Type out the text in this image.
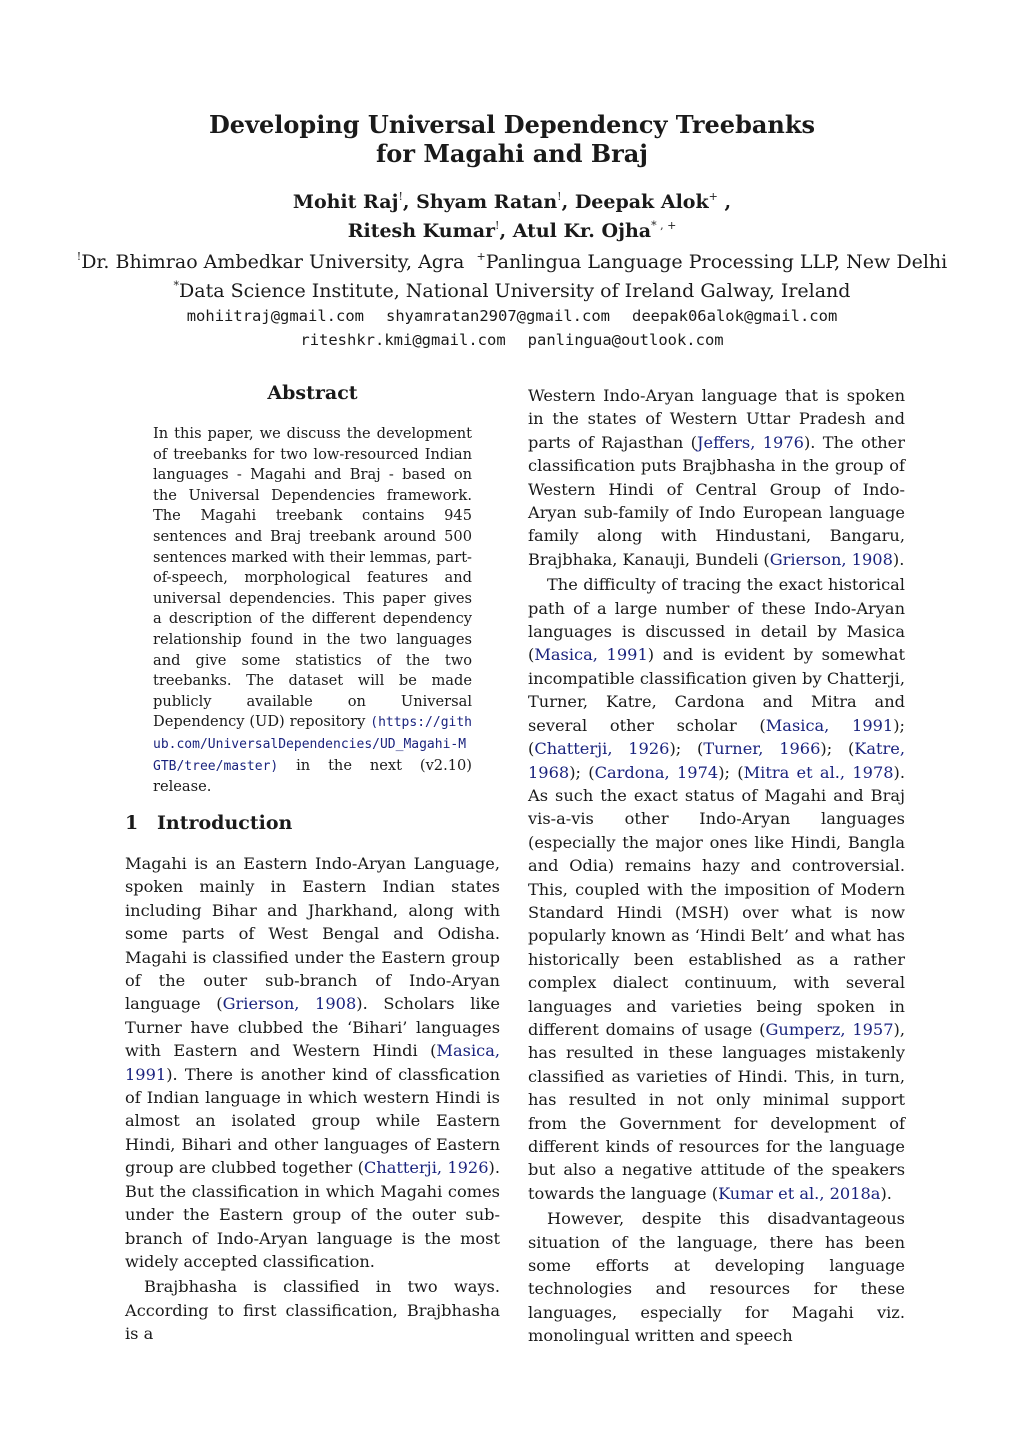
Developing Universal Dependency Treebanks
for Magahi and Braj
Mohit Raj!, Shyam Ratan!, Deepak Alok+ ,
Ritesh Kumar!, Atul Kr. Ojha* , +
!Dr. Bhimrao Ambedkar University, Agra +Panlingua Language Processing LLP, New Delhi
*Data Science Institute, National University of Ireland Galway, Ireland
mohiitraj@gmail.com shyamratan2907@gmail.com deepak06alok@gmail.com
riteshkr.kmi@gmail.com panlingua@outlook.com
Abstract
In this paper, we discuss the development of treebanks for two low-resourced Indian languages - Magahi and Braj - based on the Universal Dependencies framework. The Magahi treebank contains 945 sentences and Braj treebank around 500 sentences marked with their lemmas, part-of-speech, morphological features and universal dependencies. This paper gives a description of the different dependency relationship found in the two languages and give some statistics of the two treebanks. The dataset will be made publicly available on Universal Dependency (UD) repository (https://github.com/UniversalDependencies/UD_Magahi-MGTB/tree/master) in the next (v2.10) release.
1 Introduction

Magahi is an Eastern Indo-Aryan Language, spoken mainly in Eastern Indian states including Bihar and Jharkhand, along with some parts of West Bengal and Odisha. Magahi is classified under the Eastern group of the outer sub-branch of Indo-Aryan language (Grierson, 1908). Scholars like Turner have clubbed the ‘Bihari’ languages with Eastern and Western Hindi (Masica, 1991). There is another kind of classfication of Indian language in which western Hindi is almost an isolated group while Eastern Hindi, Bihari and other languages of Eastern group are clubbed together (Chatterji, 1926). But the classification in which Magahi comes under the Eastern group of the outer sub-branch of Indo-Aryan language is the most widely accepted classification.

Brajbhasha is classified in two ways. According to first classification, Brajbhasha is a

Western Indo-Aryan language that is spoken in the states of Western Uttar Pradesh and parts of Rajasthan (Jeffers, 1976). The other classification puts Brajbhasha in the group of Western Hindi of Central Group of Indo-Aryan sub-family of Indo European language family along with Hindustani, Bangaru, Brajbhaka, Kanauji, Bundeli (Grierson, 1908).

The difficulty of tracing the exact historical path of a large number of these Indo-Aryan languages is discussed in detail by Masica (Masica, 1991) and is evident by somewhat incompatible classification given by Chatterji, Turner, Katre, Cardona and Mitra and several other scholar (Masica, 1991);(Chatterji, 1926); (Turner, 1966); (Katre, 1968); (Cardona, 1974); (Mitra et al., 1978). As such the exact status of Magahi and Braj vis-a-vis other Indo-Aryan languages (especially the major ones like Hindi, Bangla and Odia) remains hazy and controversial. This, coupled with the imposition of Modern Standard Hindi (MSH) over what is now popularly known as ‘Hindi Belt’ and what has historically been established as a rather complex dialect continuum, with several languages and varieties being spoken in different domains of usage (Gumperz, 1957), has resulted in these languages mistakenly classified as varieties of Hindi. This, in turn, has resulted in not only minimal support from the Government for development of different kinds of resources for the language but also a negative attitude of the speakers towards the language (Kumar et al., 2018a).

However, despite this disadvantageous situation of the language, there has been some efforts at developing language technologies and resources for these languages, especially for Magahi viz. monolingual written and speech
